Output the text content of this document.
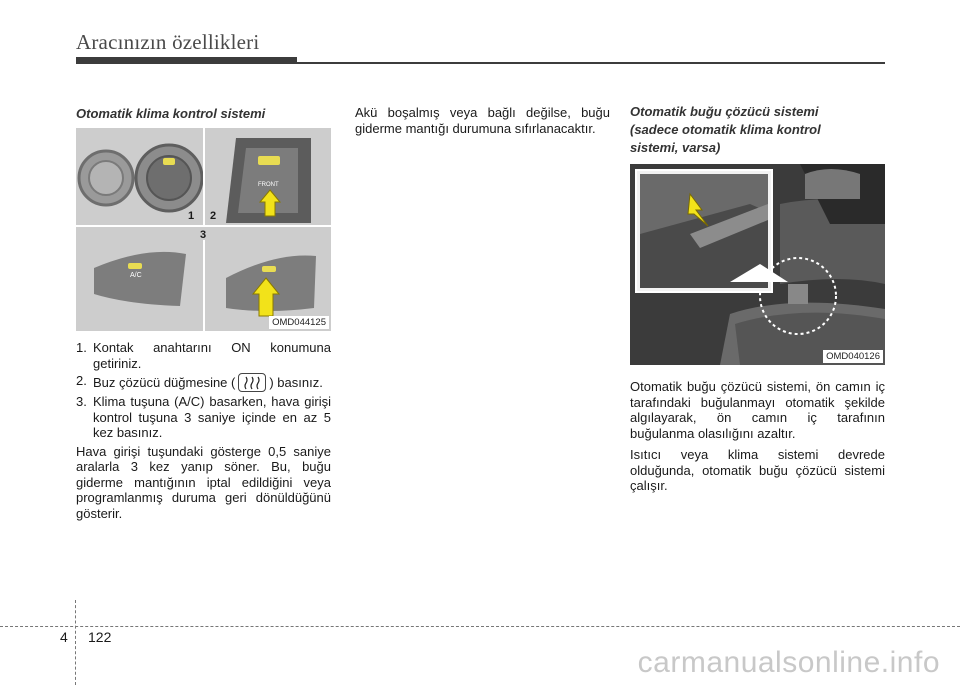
Aracınızın özellikleri
Otomatik klima kontrol sistemi
1 2
3
A/C
FRONT
OMD044125
1. Kontak anahtarını ON konumuna getiriniz.
2. Buz çözücü düğmesine (	) basınız.
3. Klima tuşuna (A/C) basarken, hava girişi kontrol tuşuna 3 saniye içinde en az 5 kez basınız.

Hava girişi tuşundaki gösterge 0,5 saniye aralarla 3 kez yanıp söner. Bu, buğu giderme mantığının iptal edildiğini veya programlanmış duruma geri dönüldüğünü gösterir.

Akü boşalmış veya bağlı değilse, buğu giderme mantığı durumuna sıfırlanacaktır.

Otomatik buğu çözücü sistemi
(sadece otomatik klima kontrol
sistemi, varsa)
OMD040126

Otomatik buğu çözücü sistemi, ön camın iç tarafındaki buğulanmayı otomatik şekilde algılayarak, ön camın iç tarafının buğulanma olasılığını azaltır.

Isıtıcı veya klima sistemi devrede olduğunda, otomatik buğu çözücü sistemi çalışır.

4 122
carmanualsonline.info
